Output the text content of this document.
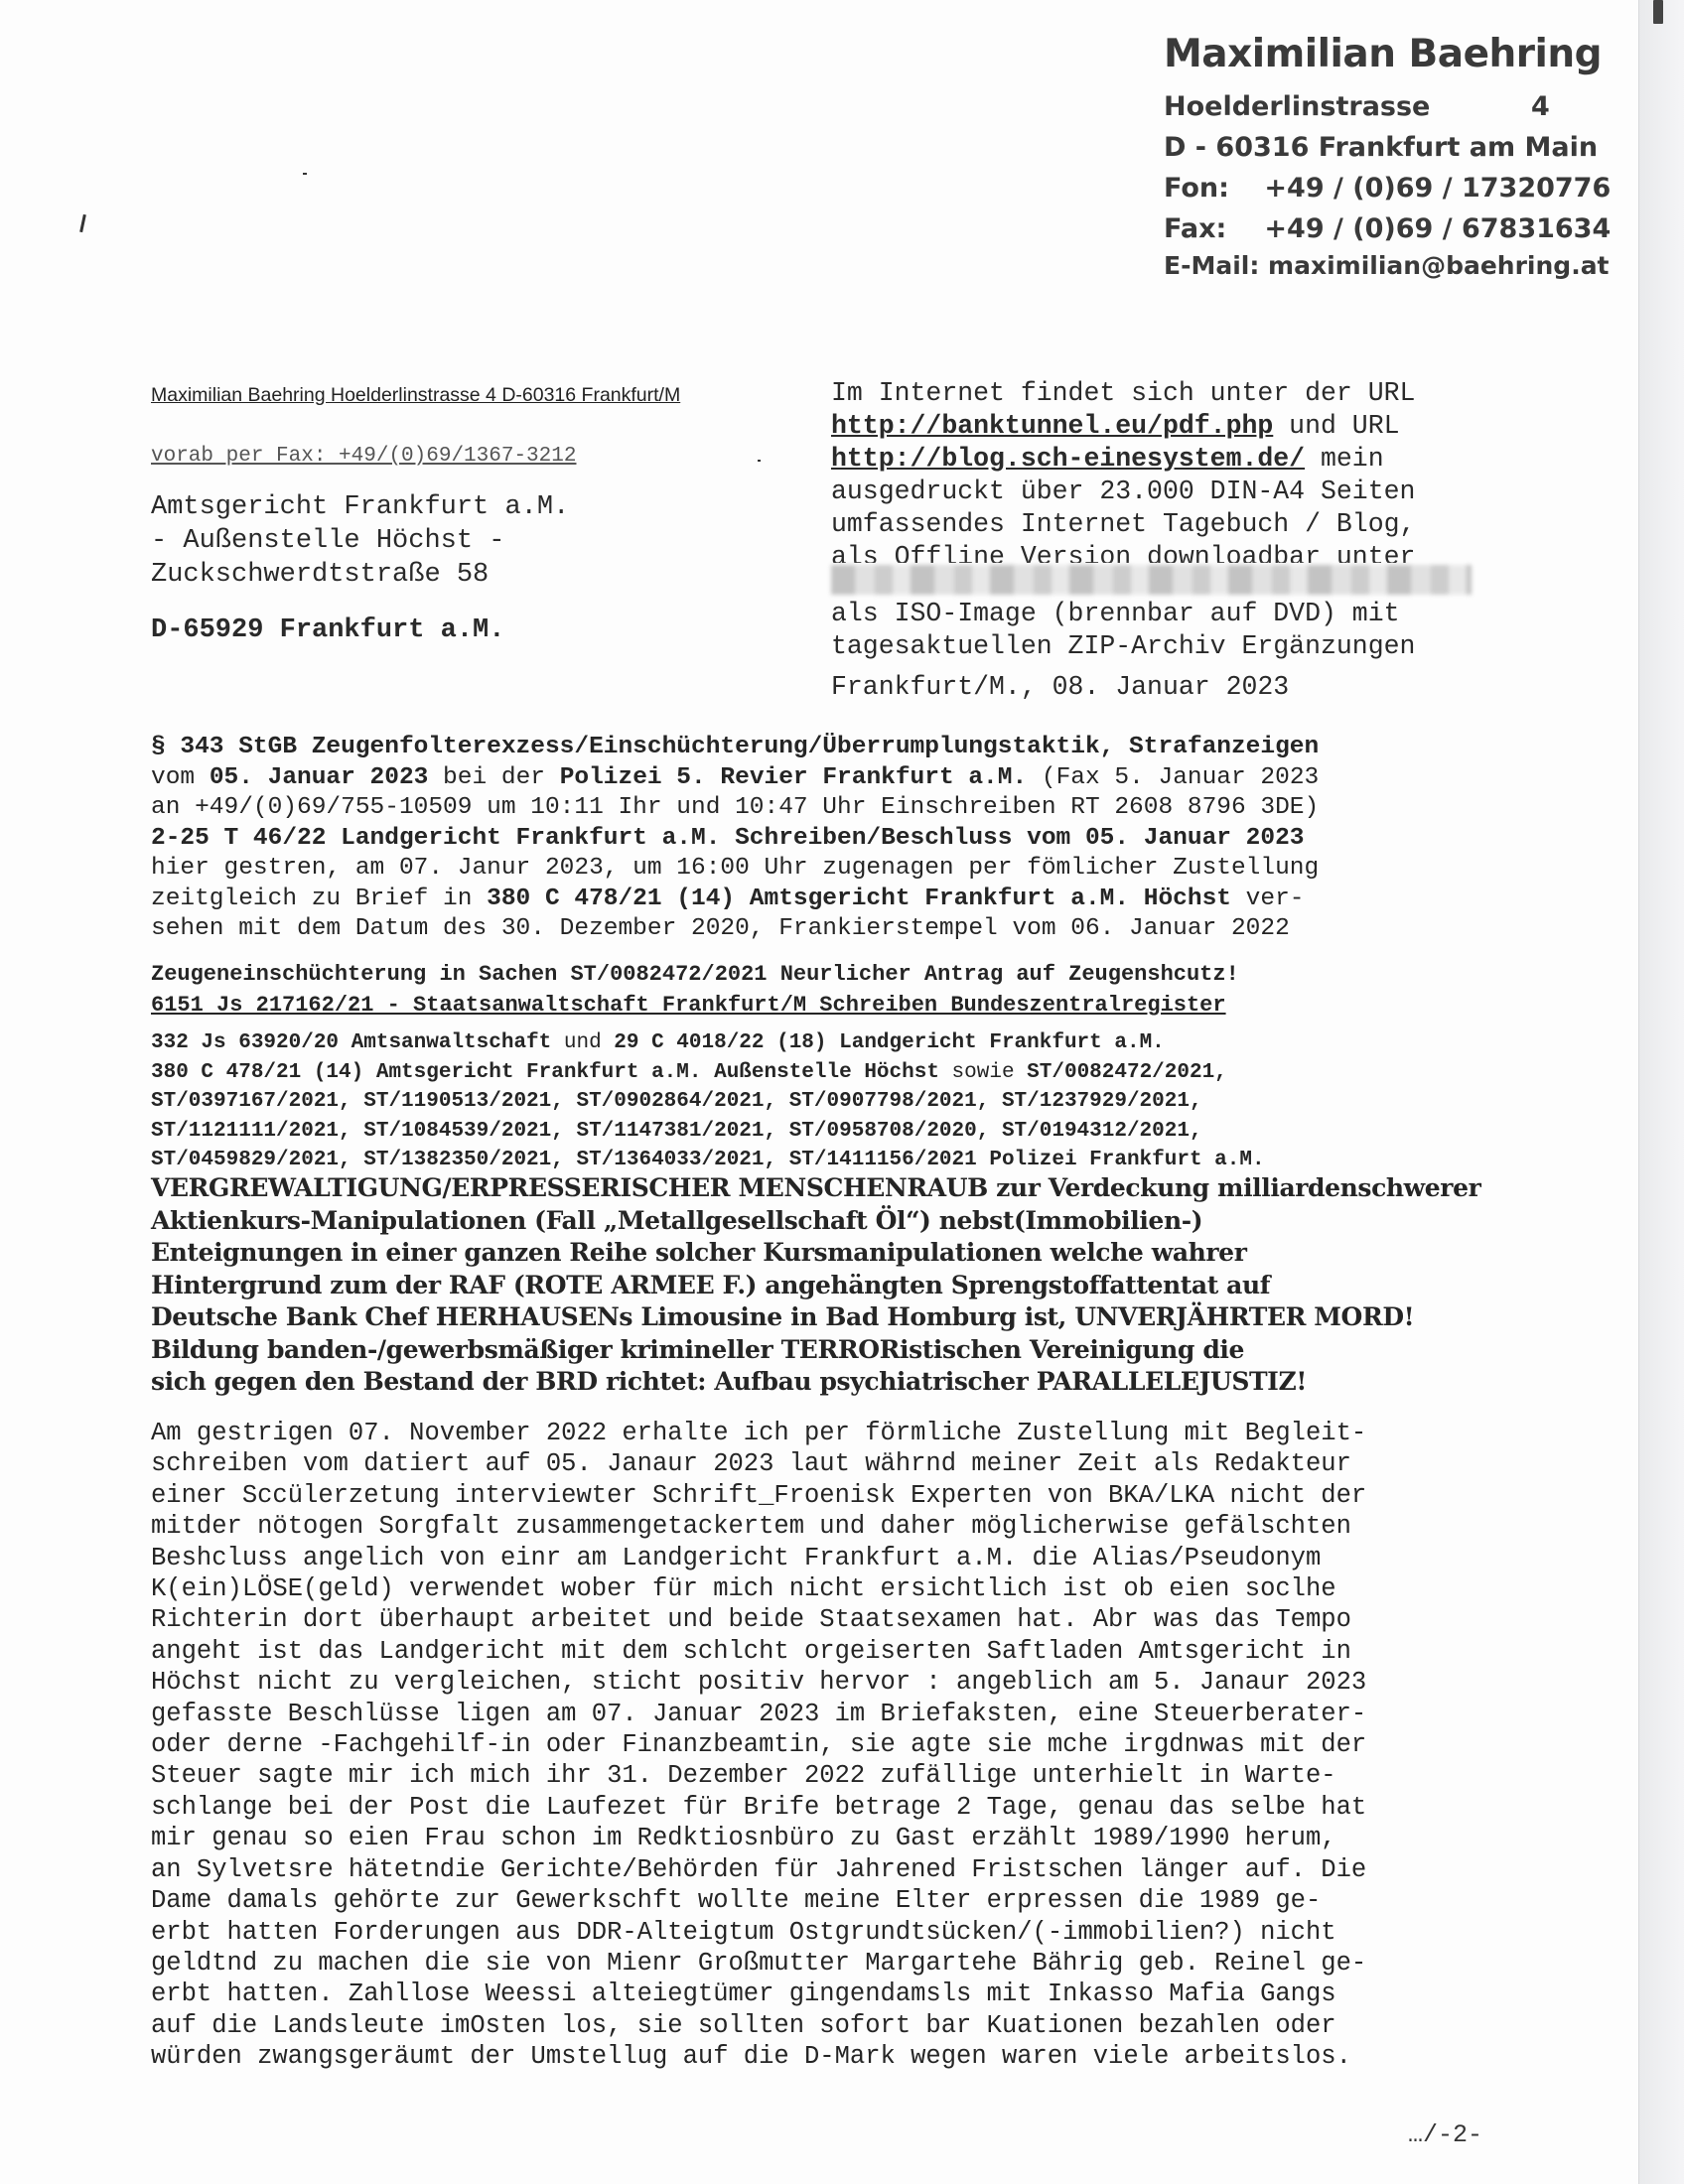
Maximilian Baehring
Hoelderlinstrasse	4
D - 60316 Frankfurt am Main
Fon: +49 / (0)69 / 17320776
Fax: +49 / (0)69 / 67831634
E-Mail: maximilian@baehring.at
Maximilian Baehring Hoelderlinstrasse 4 D-60316 Frankfurt/M
vorab per Fax: +49/(0)69/1367-3212
Amtsgericht Frankfurt a.M.
- Außenstelle Höchst -
Zuckschwerdtstraße 58
D-65929 Frankfurt a.M.
Im Internet findet sich unter der URL
http://banktunnel.eu/pdf.php und URL
http://blog.sch-einesystem.de/ mein
ausgedruckt über 23.000 DIN-A4 Seiten
umfassendes Internet Tagebuch / Blog,
als Offline Version downloadbar unter
als ISO-Image (brennbar auf DVD) mit
tagesaktuellen ZIP-Archiv Ergänzungen
Frankfurt/M., 08. Januar 2023
§ 343 StGB Zeugenfolterexzess/Einschüchterung/Überrumplungstaktik, Strafanzeigen
vom 05. Januar 2023 bei der Polizei 5. Revier Frankfurt a.M. (Fax 5. Januar 2023
an +49/(0)69/755-10509 um 10:11 Ihr und 10:47 Uhr Einschreiben RT 2608 8796 3DE)
2-25 T 46/22 Landgericht Frankfurt a.M. Schreiben/Beschluss vom 05. Januar 2023
hier gestren, am 07. Janur 2023, um 16:00 Uhr zugenagen per fömlicher Zustellung
zeitgleich zu Brief in 380 C 478/21 (14) Amtsgericht Frankfurt a.M. Höchst ver-
sehen mit dem Datum des 30. Dezember 2020, Frankierstempel vom 06. Januar 2022
Zeugeneinschüchterung in Sachen ST/0082472/2021 Neurlicher Antrag auf Zeugenshcutz!
6151 Js 217162/21 - Staatsanwaltschaft Frankfurt/M Schreiben Bundeszentralregister
332 Js 63920/20 Amtsanwaltschaft und 29 C 4018/22 (18) Landgericht Frankfurt a.M.
380 C 478/21 (14) Amtsgericht Frankfurt a.M. Außenstelle Höchst sowie ST/0082472/2021,
ST/0397167/2021, ST/1190513/2021, ST/0902864/2021, ST/0907798/2021, ST/1237929/2021,
ST/1121111/2021, ST/1084539/2021, ST/1147381/2021, ST/0958708/2020, ST/0194312/2021,
ST/0459829/2021, ST/1382350/2021, ST/1364033/2021, ST/1411156/2021 Polizei Frankfurt a.M.
VERGREWALTIGUNG/ERPRESSERISCHER MENSCHENRAUB zur Verdeckung milliardenschwerer
Aktienkurs-Manipulationen (Fall „Metallgesellschaft Öl“) nebst(Immobilien-)
Enteignungen in einer ganzen Reihe solcher Kursmanipulationen welche wahrer
Hintergrund zum der RAF (ROTE ARMEE F.) angehängten Sprengstoffattentat auf
Deutsche Bank Chef HERHAUSENs Limousine in Bad Homburg ist, UNVERJÄHRTER MORD!
Bildung banden-/gewerbsmäßiger krimineller TERRORistischen Vereinigung die
sich gegen den Bestand der BRD richtet: Aufbau psychiatrischer PARALLELEJUSTIZ!
Am gestrigen 07. November 2022 erhalte ich per förmliche Zustellung mit Begleit-
schreiben vom datiert auf 05. Janaur 2023 laut währnd meiner Zeit als Redakteur
einer Sccülerzetung interviewter Schrift_Froenisk Experten von BKA/LKA nicht der
mitder nötogen Sorgfalt zusammengetackertem und daher möglicherwise gefälschten
Beshcluss angelich von einr am Landgericht Frankfurt a.M. die Alias/Pseudonym
K(ein)LÖSE(geld) verwendet wober für mich nicht ersichtlich ist ob eien soclhe
Richterin dort überhaupt arbeitet und beide Staatsexamen hat. Abr was das Tempo
angeht ist das Landgericht mit dem schlcht orgeiserten Saftladen Amtsgericht in
Höchst nicht zu vergleichen, sticht positiv hervor : angeblich am 5. Janaur 2023
gefasste Beschlüsse ligen am 07. Januar 2023 im Briefaksten, eine Steuerberater-
oder derne -Fachgehilf-in oder Finanzbeamtin, sie agte sie mche irgdnwas mit der
Steuer sagte mir ich mich ihr 31. Dezember 2022 zufällige unterhielt in Warte-
schlange bei der Post die Laufezet für Brife betrage 2 Tage, genau das selbe hat
mir genau so eien Frau schon im Redktiosnbüro zu Gast erzählt 1989/1990 herum,
an Sylvetsre hätetndie Gerichte/Behörden für Jahrened Fristschen länger auf. Die
Dame damals gehörte zur Gewerkschft wollte meine Elter erpressen die 1989 ge-
erbt hatten Forderungen aus DDR-Alteigtum Ostgrundtsücken/(-immobilien?) nicht
geldtnd zu machen die sie von Mienr Großmutter Margartehe Bährig geb. Reinel ge-
erbt hatten. Zahllose Weessi alteiegtümer gingendamsls mit Inkasso Mafia Gangs
auf die Landsleute imOsten los, sie sollten sofort bar Kuationen bezahlen oder
würden zwangsgeräumt der Umstellug auf die D-Mark wegen waren viele arbeitslos.
…/-2-
